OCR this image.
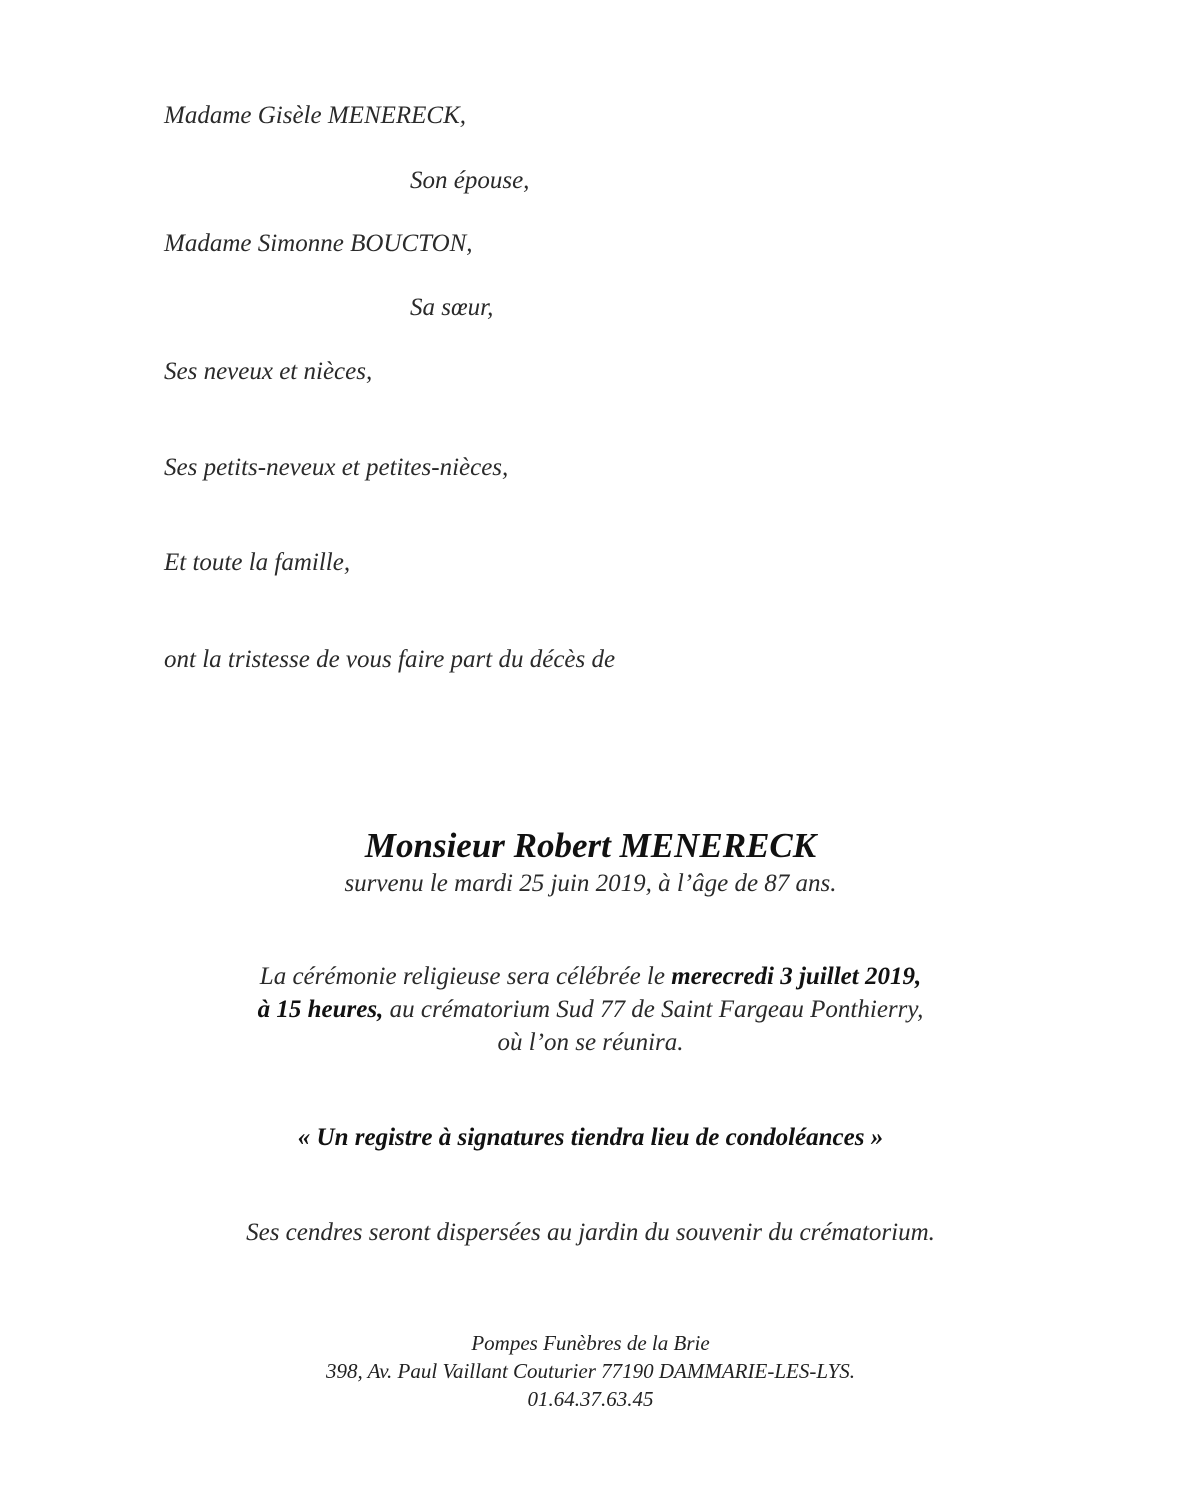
Madame Gisèle MENERECK,
Son épouse,
Madame Simonne BOUCTON,
Sa sœur,
Ses neveux et nièces,
Ses petits-neveux et petites-nièces,
Et toute la famille,
ont la tristesse de vous faire part du décès de
Monsieur Robert MENERECK
survenu le mardi 25 juin 2019, à l’âge de 87 ans.
La cérémonie religieuse sera célébrée le merecredi 3 juillet 2019,
à 15 heures, au crématorium Sud 77 de Saint Fargeau Ponthierry,
où l’on se réunira.
« Un registre à signatures tiendra lieu de condoléances »
Ses cendres seront dispersées au jardin du souvenir du crématorium.
Pompes Funèbres de la Brie
398, Av. Paul Vaillant Couturier 77190 DAMMARIE-LES-LYS.
01.64.37.63.45
